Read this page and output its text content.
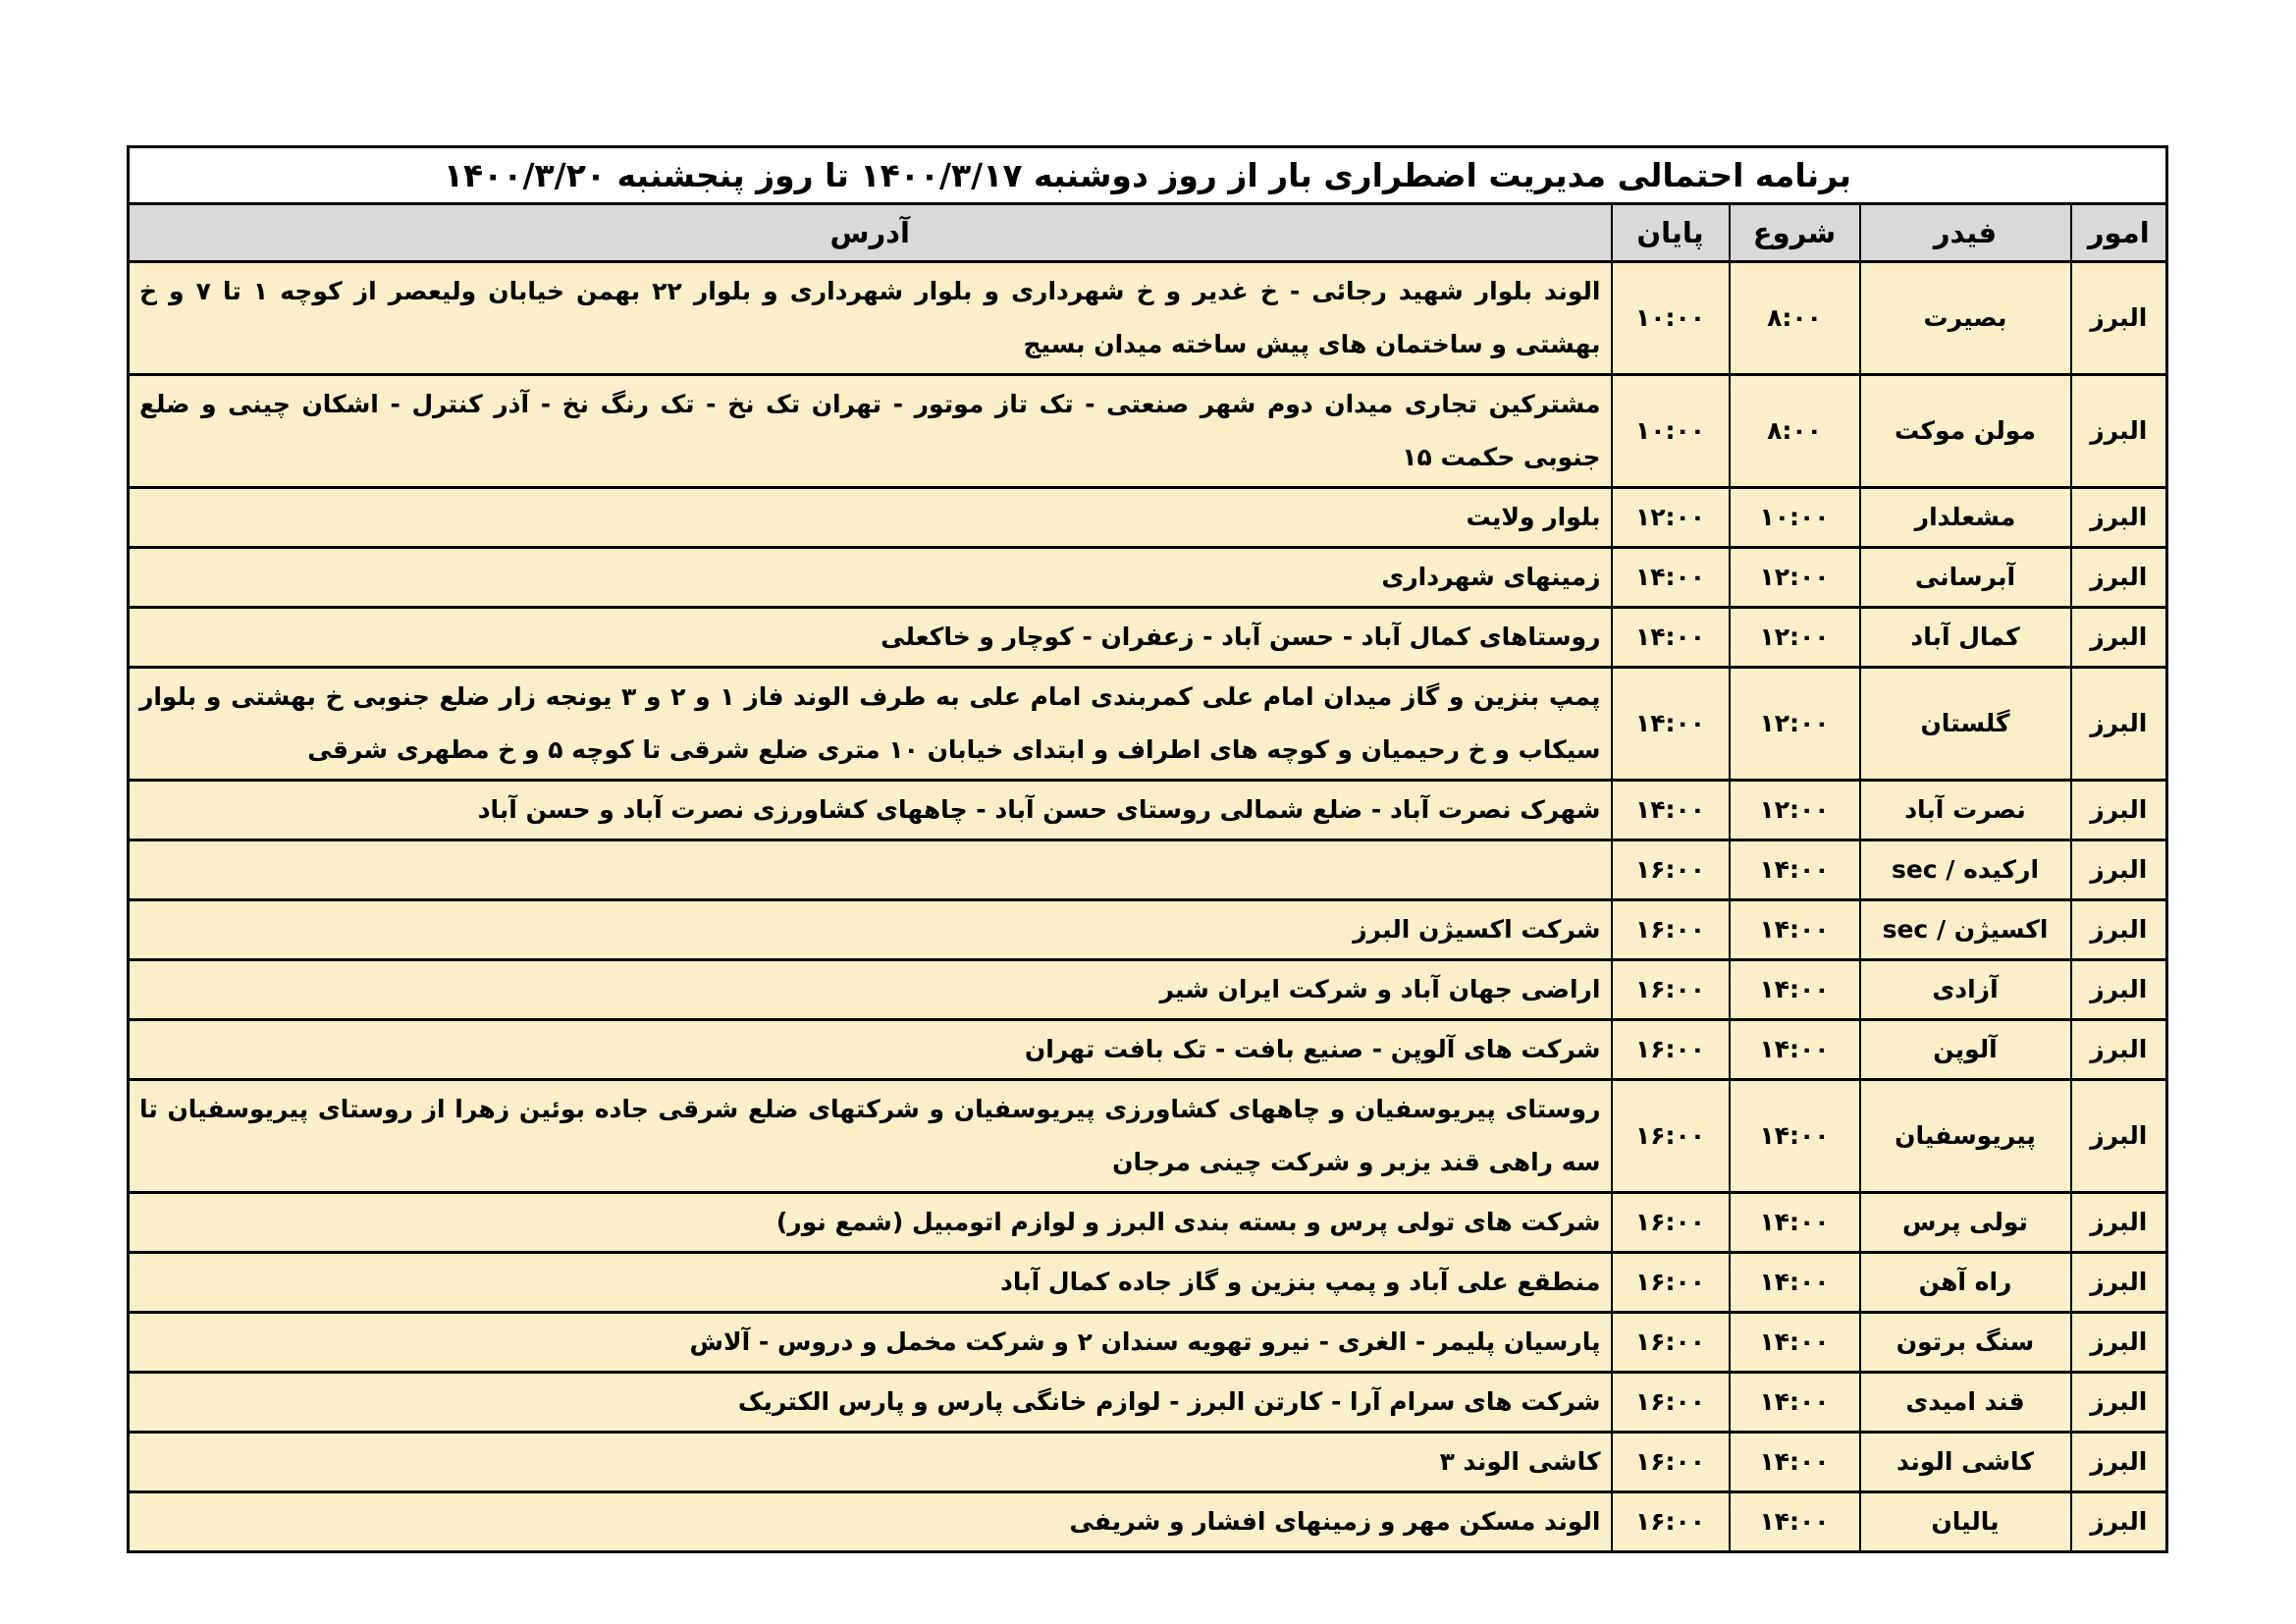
برنامه احتمالی مدیریت اضطراری بار از روز دوشنبه ۱۴۰۰/۳/۱۷ تا روز پنجشنبه ۱۴۰۰/۳/۲۰				
امور	فیدر	شروع	پایان	آدرس
البرز	بصیرت	۸:۰۰	۱۰:۰۰	الوند بلوار شهید رجائی - خ غدیر و خ شهرداری و بلوار شهرداری و بلوار ۲۲ بهمن خیابان ولیعصر از کوچه ۱ تا ۷ و خ بهشتی و ساختمان های پیش ساخته میدان بسیج
البرز	مولن موکت	۸:۰۰	۱۰:۰۰	مشترکین تجاری میدان دوم شهر صنعتی - تک تاز موتور - تهران تک نخ - تک رنگ نخ - آذر کنترل - اشکان چینی و ضلع جنوبی حکمت ۱۵
البرز	مشعلدار	۱۰:۰۰	۱۲:۰۰	بلوار ولایت
البرز	آبرسانی	۱۲:۰۰	۱۴:۰۰	زمینهای شهرداری
البرز	کمال آباد	۱۲:۰۰	۱۴:۰۰	روستاهای کمال آباد - حسن آباد - زعفران - کوچار و خاکعلی
البرز	گلستان	۱۲:۰۰	۱۴:۰۰	پمپ بنزین و گاز میدان امام علی کمربندی امام علی به طرف الوند فاز ۱ و ۲ و ۳ یونجه زار ضلع جنوبی خ بهشتی و بلوار سیکاب و خ رحیمیان و کوچه های اطراف و ابتدای خیابان ۱۰ متری ضلع شرقی تا کوچه ۵ و خ مطهری شرقی
البرز	نصرت آباد	۱۲:۰۰	۱۴:۰۰	شهرک نصرت آباد - ضلع شمالی روستای حسن آباد - چاههای کشاورزی نصرت آباد و حسن آباد
البرز	ارکیده / sec	۱۴:۰۰	۱۶:۰۰	
البرز	اکسیژن / sec	۱۴:۰۰	۱۶:۰۰	شرکت اکسیژن البرز
البرز	آزادی	۱۴:۰۰	۱۶:۰۰	اراضی جهان آباد و شرکت ایران شیر
البرز	آلوپن	۱۴:۰۰	۱۶:۰۰	شرکت های آلوپن - صنیع بافت - تک بافت تهران
البرز	پیریوسفیان	۱۴:۰۰	۱۶:۰۰	روستای پیریوسفیان و چاههای کشاورزی پیریوسفیان و شرکتهای ضلع شرقی جاده بوئین زهرا از روستای پیریوسفیان تا سه راهی قند یزبر و شرکت چینی مرجان
البرز	تولی پرس	۱۴:۰۰	۱۶:۰۰	شرکت های تولی پرس و بسته بندی البرز و لوازم اتومبیل (شمع نور)
البرز	راه آهن	۱۴:۰۰	۱۶:۰۰	منطقع علی آباد و پمپ بنزین و گاز جاده کمال آباد
البرز	سنگ برتون	۱۴:۰۰	۱۶:۰۰	پارسیان پلیمر - الغری - نیرو تهویه سندان ۲ و شرکت مخمل و دروس - آلاش
البرز	قند امیدی	۱۴:۰۰	۱۶:۰۰	شرکت های سرام آرا - کارتن البرز - لوازم خانگی پارس و پارس الکتریک
البرز	کاشی الوند	۱۴:۰۰	۱۶:۰۰	کاشی الوند ۳
البرز	یالیان	۱۴:۰۰	۱۶:۰۰	الوند مسکن مهر و زمینهای افشار و شریفی
